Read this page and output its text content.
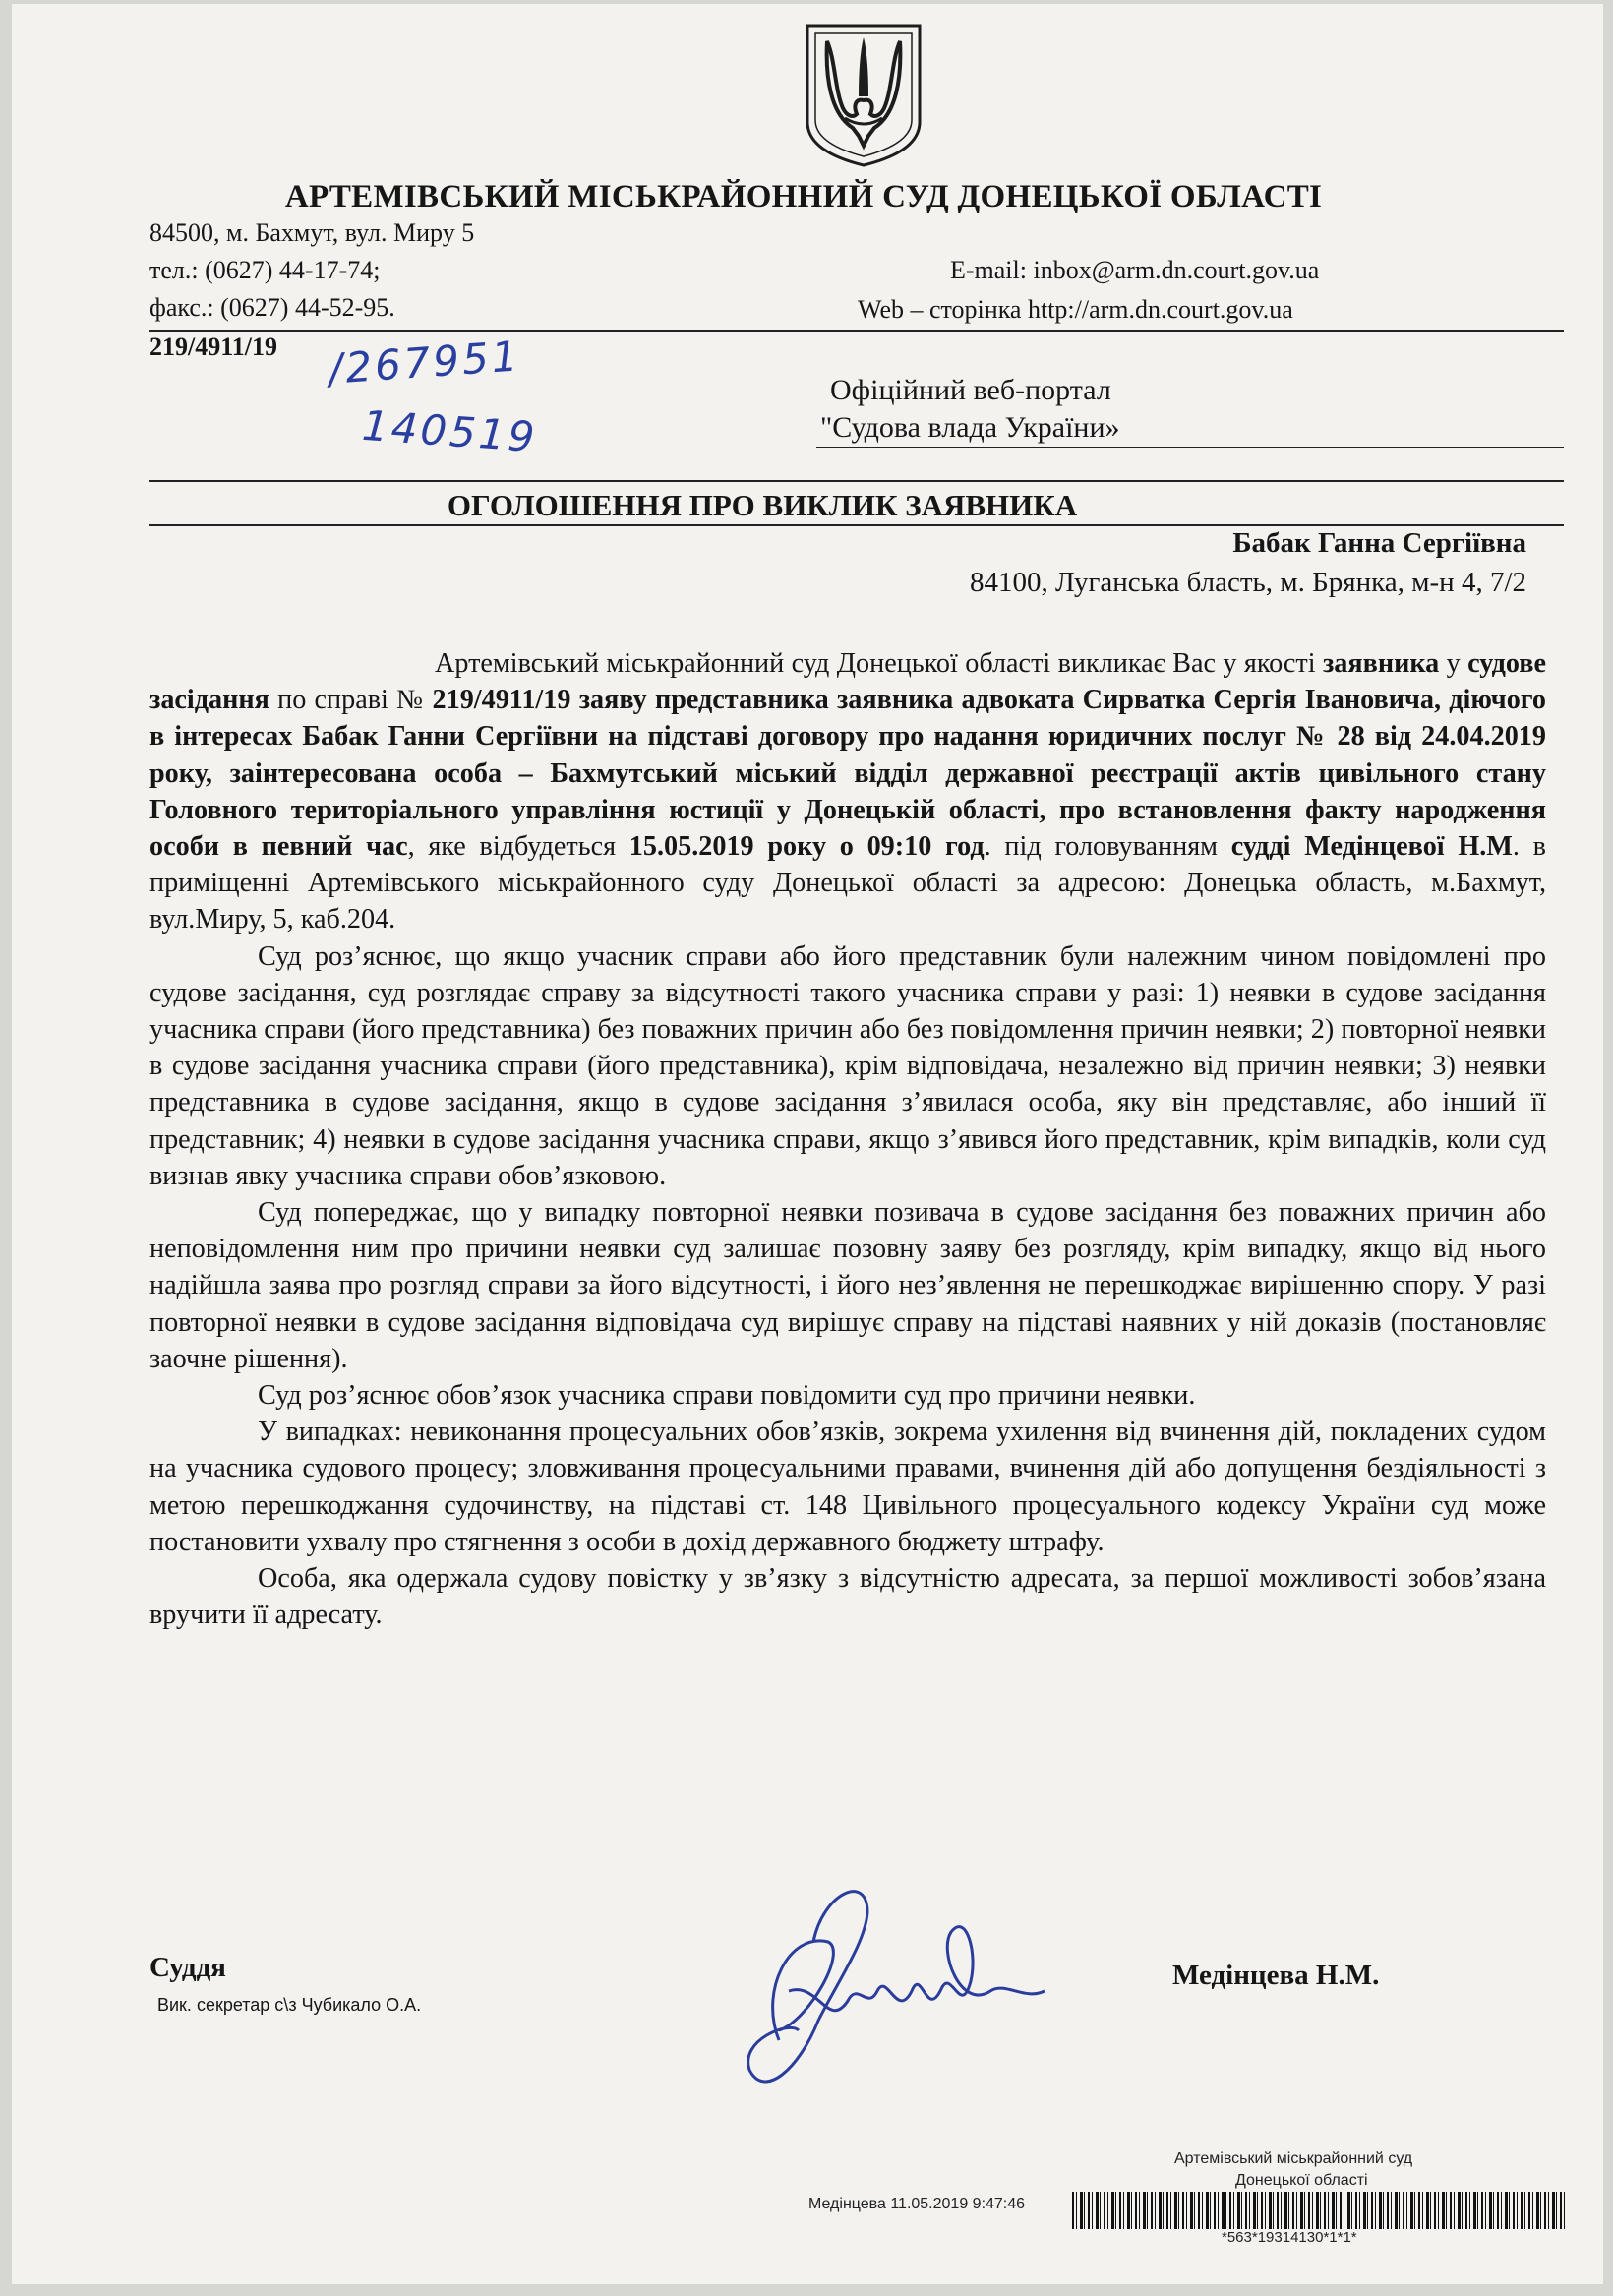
АРТЕМІВСЬКИЙ МІСЬКРАЙОННИЙ СУД ДОНЕЦЬКОЇ ОБЛАСТІ
84500, м. Бахмут, вул. Миру 5
тел.: (0627) 44-17-74;
факс.: (0627) 44-52-95.
E-mail: inbox@arm.dn.court.gov.ua
Web – сторінка http://arm.dn.court.gov.ua
219/4911/19 /267951
140519
Офіційний веб-портал
"Судова влада України»
ОГОЛОШЕННЯ ПРО ВИКЛИК ЗАЯВНИКА
Бабак Ганна Сергіївна
84100, Луганська бласть, м. Брянка, м-н 4, 7/2

Артемівський міськрайонний суд Донецької області викликає Вас у якості заявника у судове засідання по справі № 219/4911/19 заяву представника заявника адвоката Сирватка Сергія Івановича, діючого в інтересах Бабак Ганни Сергіївни на підставі договору про надання юридичних послуг № 28 від 24.04.2019 року, заінтересована особа – Бахмутський міський відділ державної реєстрації актів цивільного стану Головного територіального управління юстиції у Донецькій області, про встановлення факту народження особи в певний час, яке відбудеться 15.05.2019 року о 09:10 год. під головуванням судді Медінцевої Н.М. в приміщенні Артемівського міськрайонного суду Донецької області за адресою: Донецька область, м.Бахмут, вул.Миру, 5, каб.204.

Суд роз’яснює, що якщо учасник справи або його представник були належним чином повідомлені про судове засідання, суд розглядає справу за відсутності такого учасника справи у разі: 1) неявки в судове засідання учасника справи (його представника) без поважних причин або без повідомлення причин неявки; 2) повторної неявки в судове засідання учасника справи (його представника), крім відповідача, незалежно від причин неявки; 3) неявки представника в судове засідання, якщо в судове засідання з’явилася особа, яку він представляє, або інший її представник; 4) неявки в судове засідання учасника справи, якщо з’явився його представник, крім випадків, коли суд визнав явку учасника справи обов’язковою.

Суд попереджає, що у випадку повторної неявки позивача в судове засідання без поважних причин або неповідомлення ним про причини неявки суд залишає позовну заяву без розгляду, крім випадку, якщо від нього надійшла заява про розгляд справи за його відсутності, і його нез’явлення не перешкоджає вирішенню спору. У разі повторної неявки в судове засідання відповідача суд вирішує справу на підставі наявних у ній доказів (постановляє заочне рішення).

Суд роз’яснює обов’язок учасника справи повідомити суд про причини неявки.

У випадках: невиконання процесуальних обов’язків, зокрема ухилення від вчинення дій, покладених судом на учасника судового процесу; зловживання процесуальними правами, вчинення дій або допущення бездіяльності з метою перешкоджання судочинству, на підставі ст. 148 Цивільного процесуального кодексу України суд може постановити ухвалу про стягнення з особи в дохід державного бюджету штрафу.

Особа, яка одержала судову повістку у зв’язку з відсутністю адресата, за першої можливості зобов’язана вручити її адресату.

Суддя
Вик. секретар с\з Чубикало О.А.
Медінцева Н.М.
Артемівський міськрайонний суд
Донецької області
Медінцева 11.05.2019 9:47:46
*563*19314130*1*1*
